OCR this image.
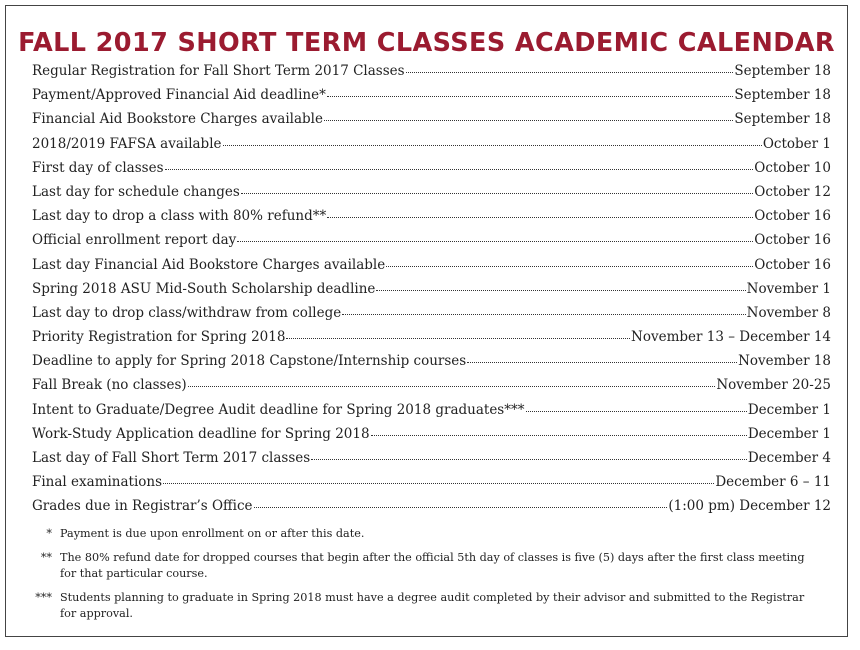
FALL 2017 SHORT TERM CLASSES ACADEMIC CALENDAR
Regular Registration for Fall Short Term 2017 Classes	September 18
Payment/Approved Financial Aid deadline*	September 18
Financial Aid Bookstore Charges available	September 18
2018/2019 FAFSA available	October 1
First day of classes	October 10
Last day for schedule changes	October 12
Last day to drop a class with 80% refund**	October 16
Official enrollment report day	October 16
Last day Financial Aid Bookstore Charges available	October 16
Spring 2018 ASU Mid-South Scholarship deadline	November 1
Last day to drop class/withdraw from college	November 8
Priority Registration for Spring 2018	November 13 – December 14
Deadline to apply for Spring 2018 Capstone/Internship courses	November 18
Fall Break (no classes)	November 20-25
Intent to Graduate/Degree Audit deadline for Spring 2018 graduates***	December 1
Work-Study Application deadline for Spring 2018	December 1
Last day of Fall Short Term 2017 classes	December 4
Final examinations	December 6 – 11
Grades due in Registrar’s Office	(1:00 pm) December 12
* Payment is due upon enrollment on or after this date.
** The 80% refund date for dropped courses that begin after the official 5th day of classes is five (5) days after the first class meeting for that particular course.
*** Students planning to graduate in Spring 2018 must have a degree audit completed by their advisor and submitted to the Registrar for approval.
